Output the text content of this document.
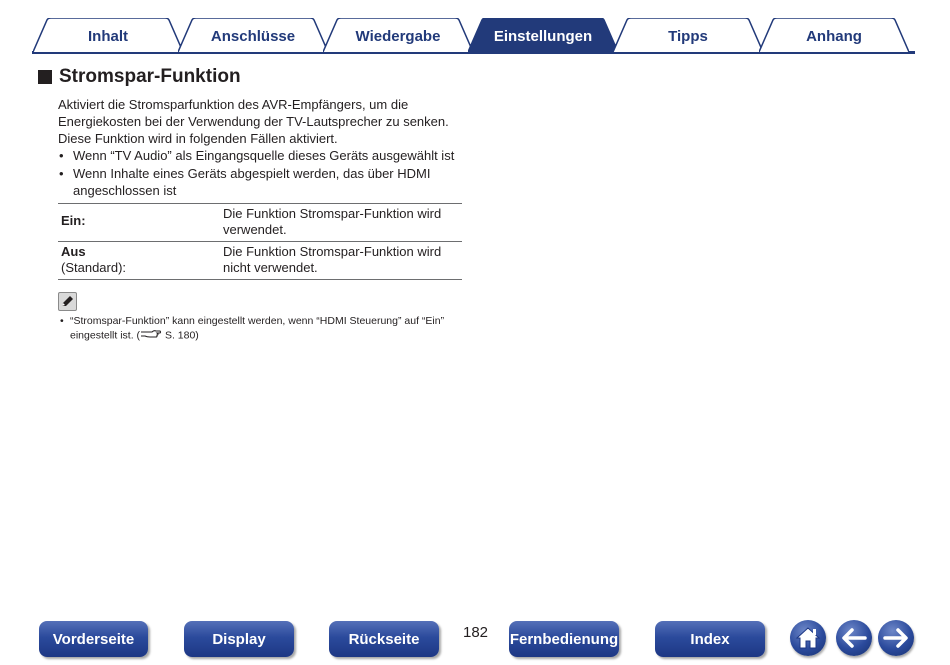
Inhalt	Anschlüsse	Wiedergabe	Einstellungen	Tipps	Anhang
Stromspar-Funktion
Aktiviert die Stromsparfunktion des AVR-Empfängers, um die
Energiekosten bei der Verwendung der TV-Lautsprecher zu senken.
Diese Funktion wird in folgenden Fällen aktiviert.
• Wenn “TV Audio” als Eingangsquelle dieses Geräts ausgewählt ist
• Wenn Inhalte eines Geräts abgespielt werden, das über HDMI angeschlossen ist
Ein:	Die Funktion Stromspar-Funktion wird verwendet.

Aus
(Standard):	Die Funktion Stromspar-Funktion wird nicht verwendet.
• “Stromspar-Funktion” kann eingestellt werden, wenn “HDMI Steuerung” auf “Ein” eingestellt ist. ( S. 180)
Vorderseite	Display	Rückseite	182 Fernbedienung	Index
